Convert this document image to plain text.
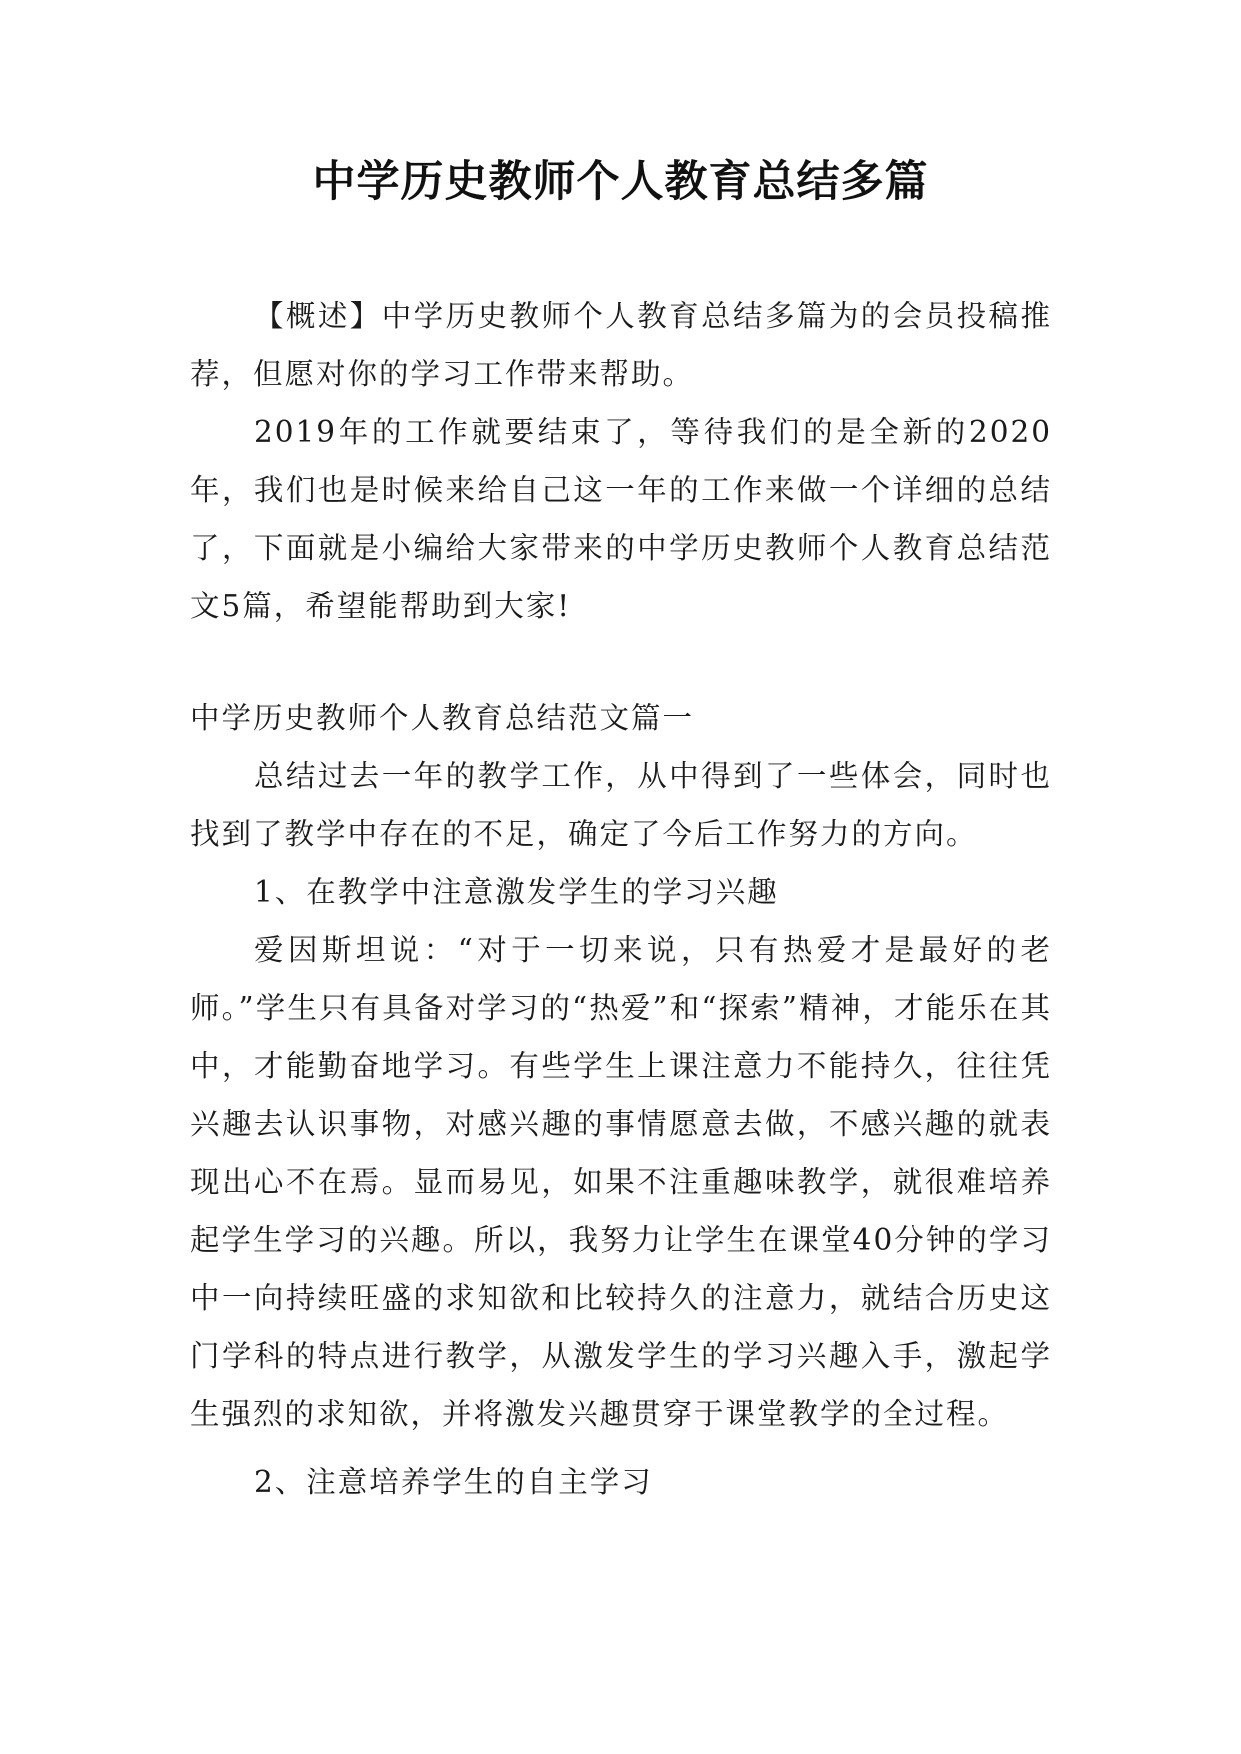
中学历史教师个人教育总结多篇

【概述】中学历史教师个人教育总结多篇为的会员投稿推荐，但愿对你的学习工作带来帮助。

2019年的工作就要结束了，等待我们的是全新的2020年，我们也是时候来给自己这一年的工作来做一个详细的总结了，下面就是小编给大家带来的中学历史教师个人教育总结范文5篇，希望能帮助到大家!

中学历史教师个人教育总结范文篇一

总结过去一年的教学工作，从中得到了一些体会，同时也找到了教学中存在的不足，确定了今后工作努力的方向。

1、在教学中注意激发学生的学习兴趣

爱因斯坦说：“对于一切来说，只有热爱才是最好的老师。”学生只有具备对学习的“热爱”和“探索”精神，才能乐在其中，才能勤奋地学习。有些学生上课注意力不能持久，往往凭兴趣去认识事物，对感兴趣的事情愿意去做，不感兴趣的就表现出心不在焉。显而易见，如果不注重趣味教学，就很难培养起学生学习的兴趣。所以，我努力让学生在课堂40分钟的学习中一向持续旺盛的求知欲和比较持久的注意力，就结合历史这门学科的特点进行教学，从激发学生的学习兴趣入手，激起学生强烈的求知欲，并将激发兴趣贯穿于课堂教学的全过程。

2、注意培养学生的自主学习
